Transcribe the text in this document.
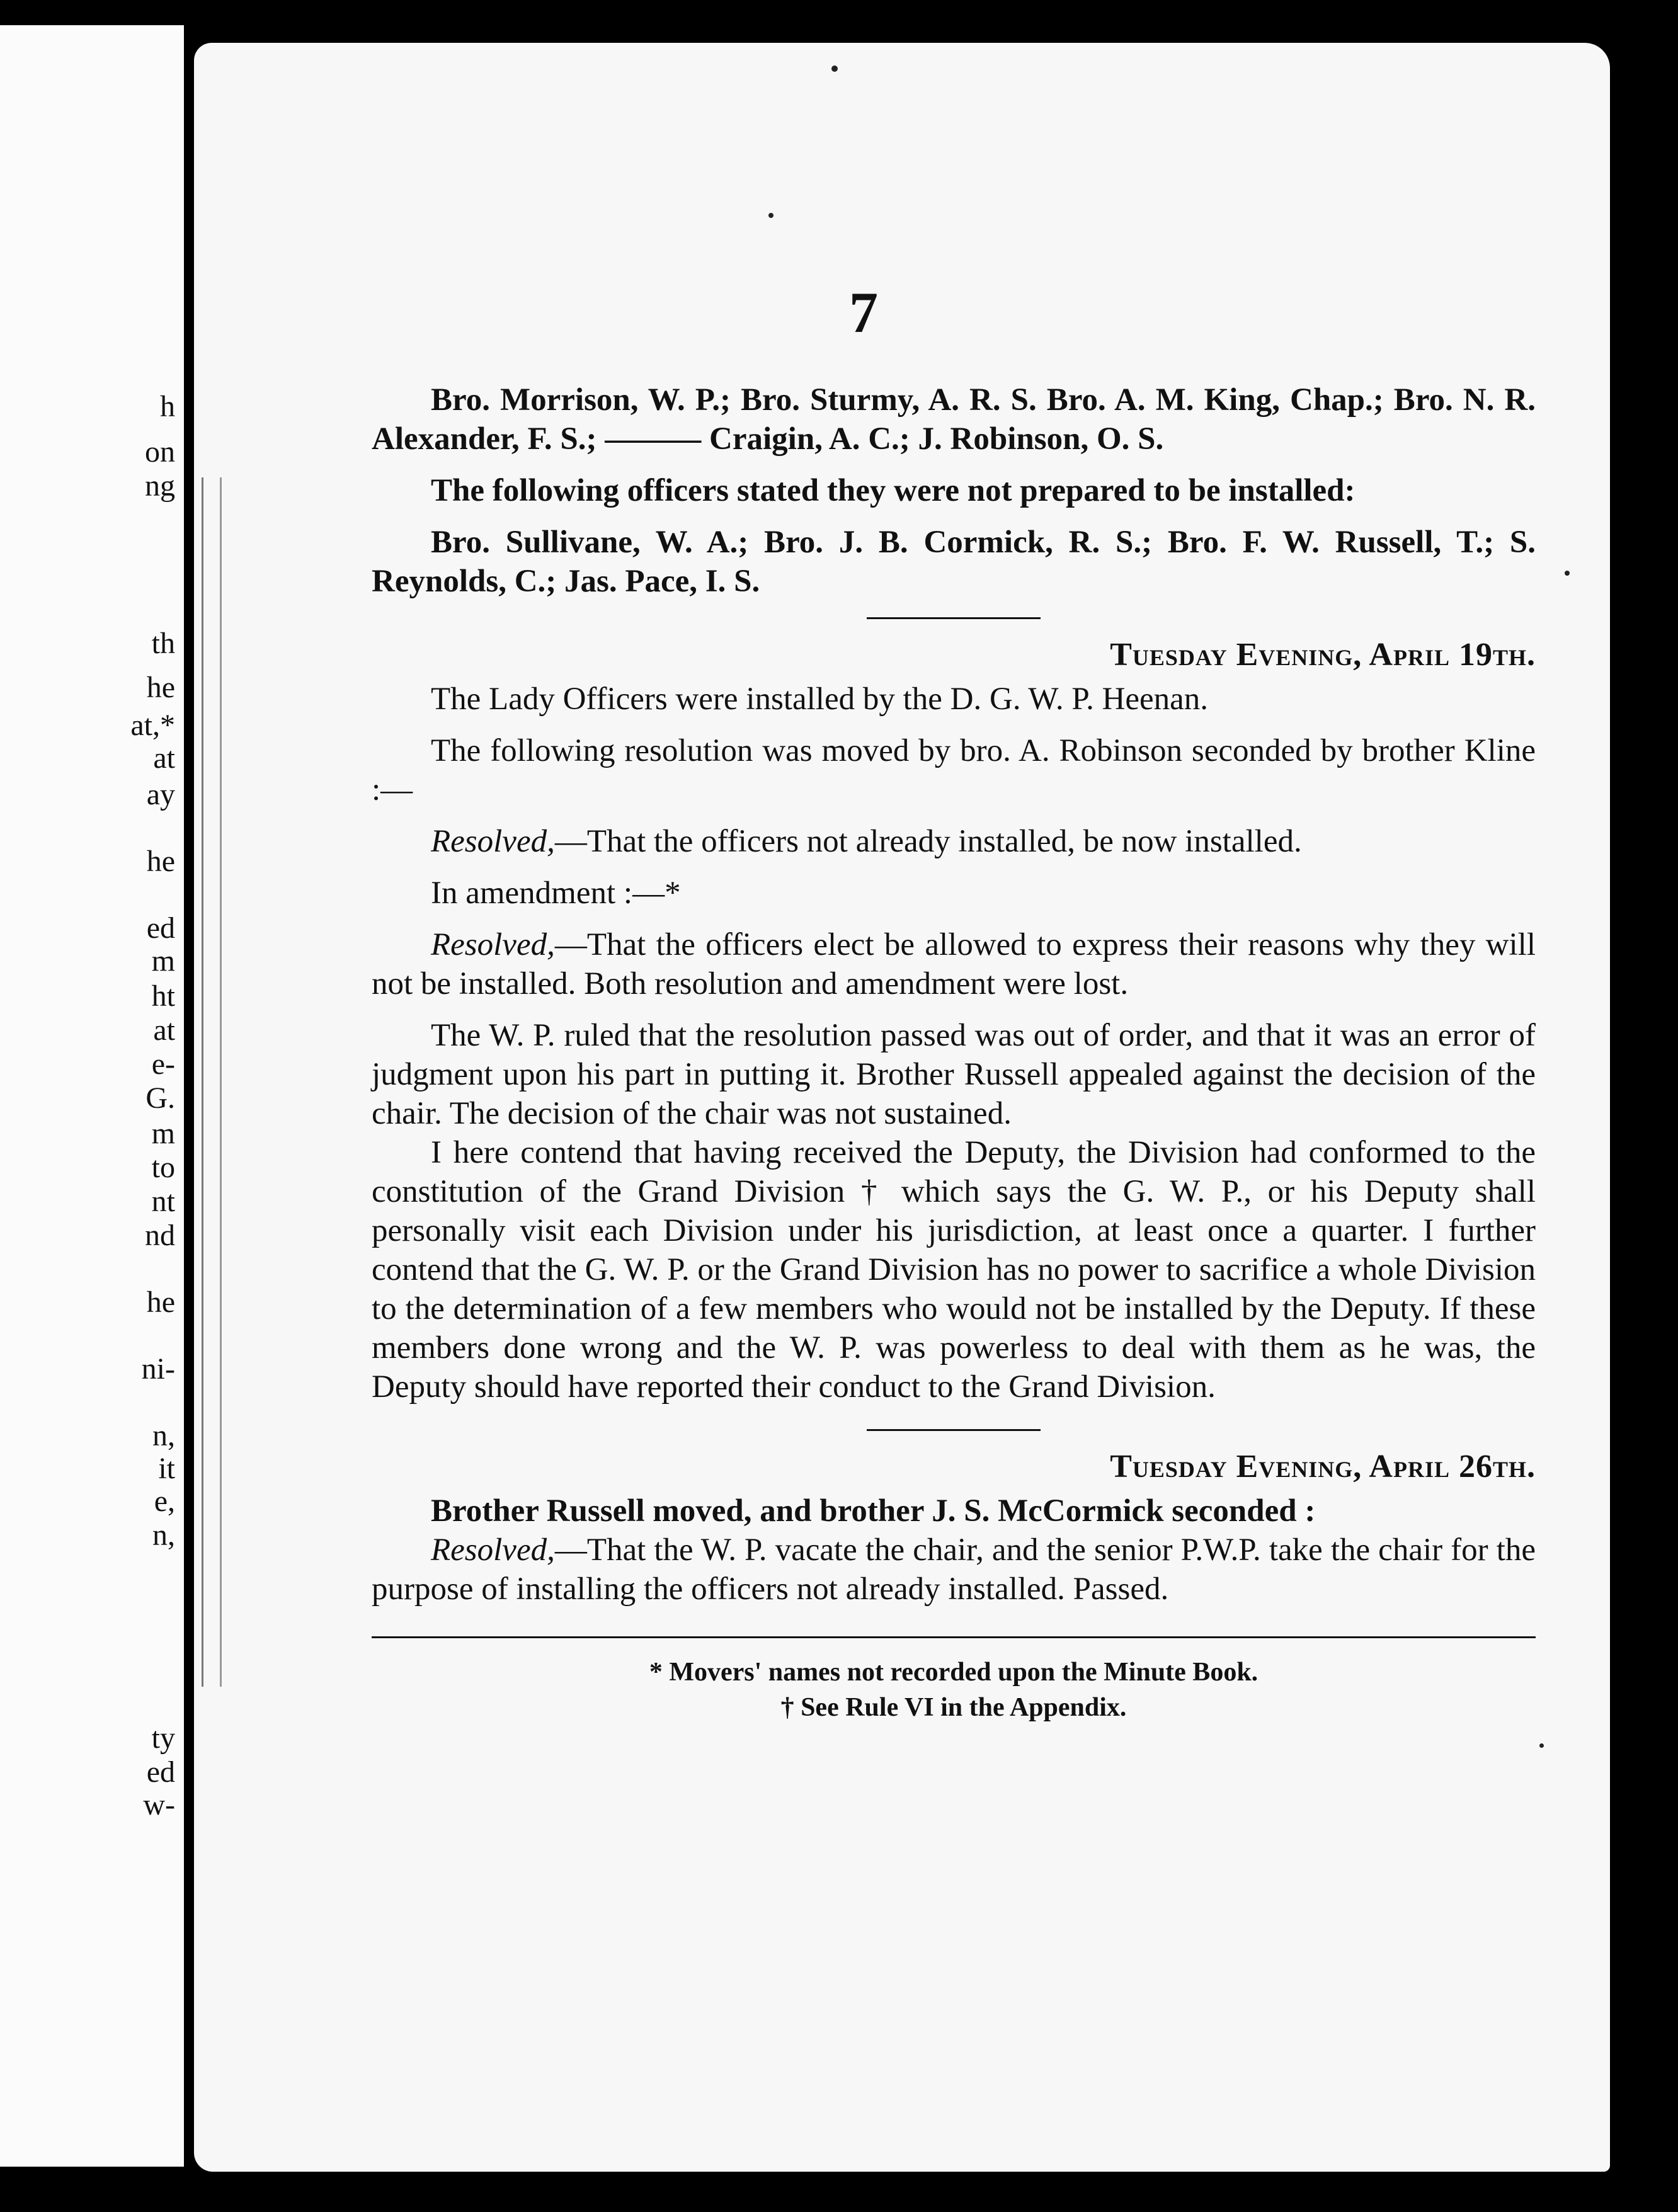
h
on
ng
th
he
at,*
at
ay
he
ed
m
ht
at
e-
G.
m
to
nt
nd
he
ni-
n,
it
e,
n,
ty
ed
w-
7

Bro. Morrison, W. P.; Bro. Sturmy, A. R. S. Bro. A. M. King, Chap.; Bro. N. R. Alexander, F. S.; ——— Craigin, A. C.; J. Robinson, O. S.

The following officers stated they were not prepared to be installed:

Bro. Sullivane, W. A.; Bro. J. B. Cormick, R. S.; Bro. F. W. Russell, T.; S. Reynolds, C.; Jas. Pace, I. S.

Tuesday Evening, April 19th.

The Lady Officers were installed by the D. G. W. P. Heenan.

The following resolution was moved by bro. A. Robinson seconded by brother Kline :—

Resolved,—That the officers not already installed, be now installed.

In amendment :—*

Resolved,—That the officers elect be allowed to express their reasons why they will not be installed. Both resolution and amendment were lost.

The W. P. ruled that the resolution passed was out of order, and that it was an error of judgment upon his part in putting it. Brother Russell appealed against the decision of the chair. The decision of the chair was not sustained.

I here contend that having received the Deputy, the Division had conformed to the constitution of the Grand Division † which says the G. W. P., or his Deputy shall personally visit each Division under his jurisdiction, at least once a quarter. I further contend that the G. W. P. or the Grand Division has no power to sacrifice a whole Division to the determination of a few members who would not be installed by the Deputy. If these members done wrong and the W. P. was powerless to deal with them as he was, the Deputy should have reported their conduct to the Grand Division.

Tuesday Evening, April 26th.

Brother Russell moved, and brother J. S. McCormick seconded :

Resolved,—That the W. P. vacate the chair, and the senior P.W.P. take the chair for the purpose of installing the officers not already installed. Passed.

* Movers' names not recorded upon the Minute Book.

† See Rule VI in the Appendix.
